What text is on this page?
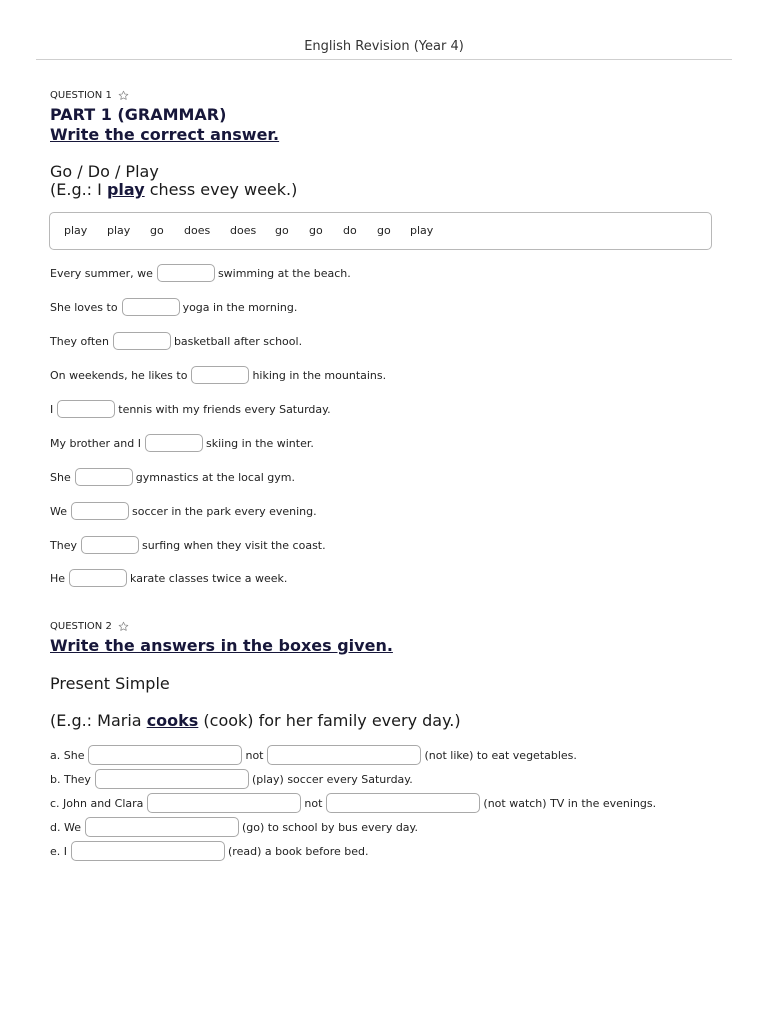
English Revision (Year 4)
QUESTION 1
PART 1 (GRAMMAR)
Write the correct answer.
Go / Do / Play
(E.g.: I play chess evey week.)
play play go does does go go do go play
Every summer, we	swimming at the beach.
She loves to	yoga in the morning.
They often	basketball after school.
On weekends, he likes to	hiking in the mountains.
I	tennis with my friends every Saturday.
My brother and I	skiing in the winter.
She	gymnastics at the local gym.
We	soccer in the park every evening.
They	surfing when they visit the coast.
He	karate classes twice a week.
QUESTION 2
Write the answers in the boxes given.
Present Simple
(E.g.: Maria cooks (cook) for her family every day.)
a. She	not	(not like) to eat vegetables.
b. They	(play) soccer every Saturday.
c. John and Clara	not	(not watch) TV in the evenings.
d. We	(go) to school by bus every day.
e. I	(read) a book before bed.
